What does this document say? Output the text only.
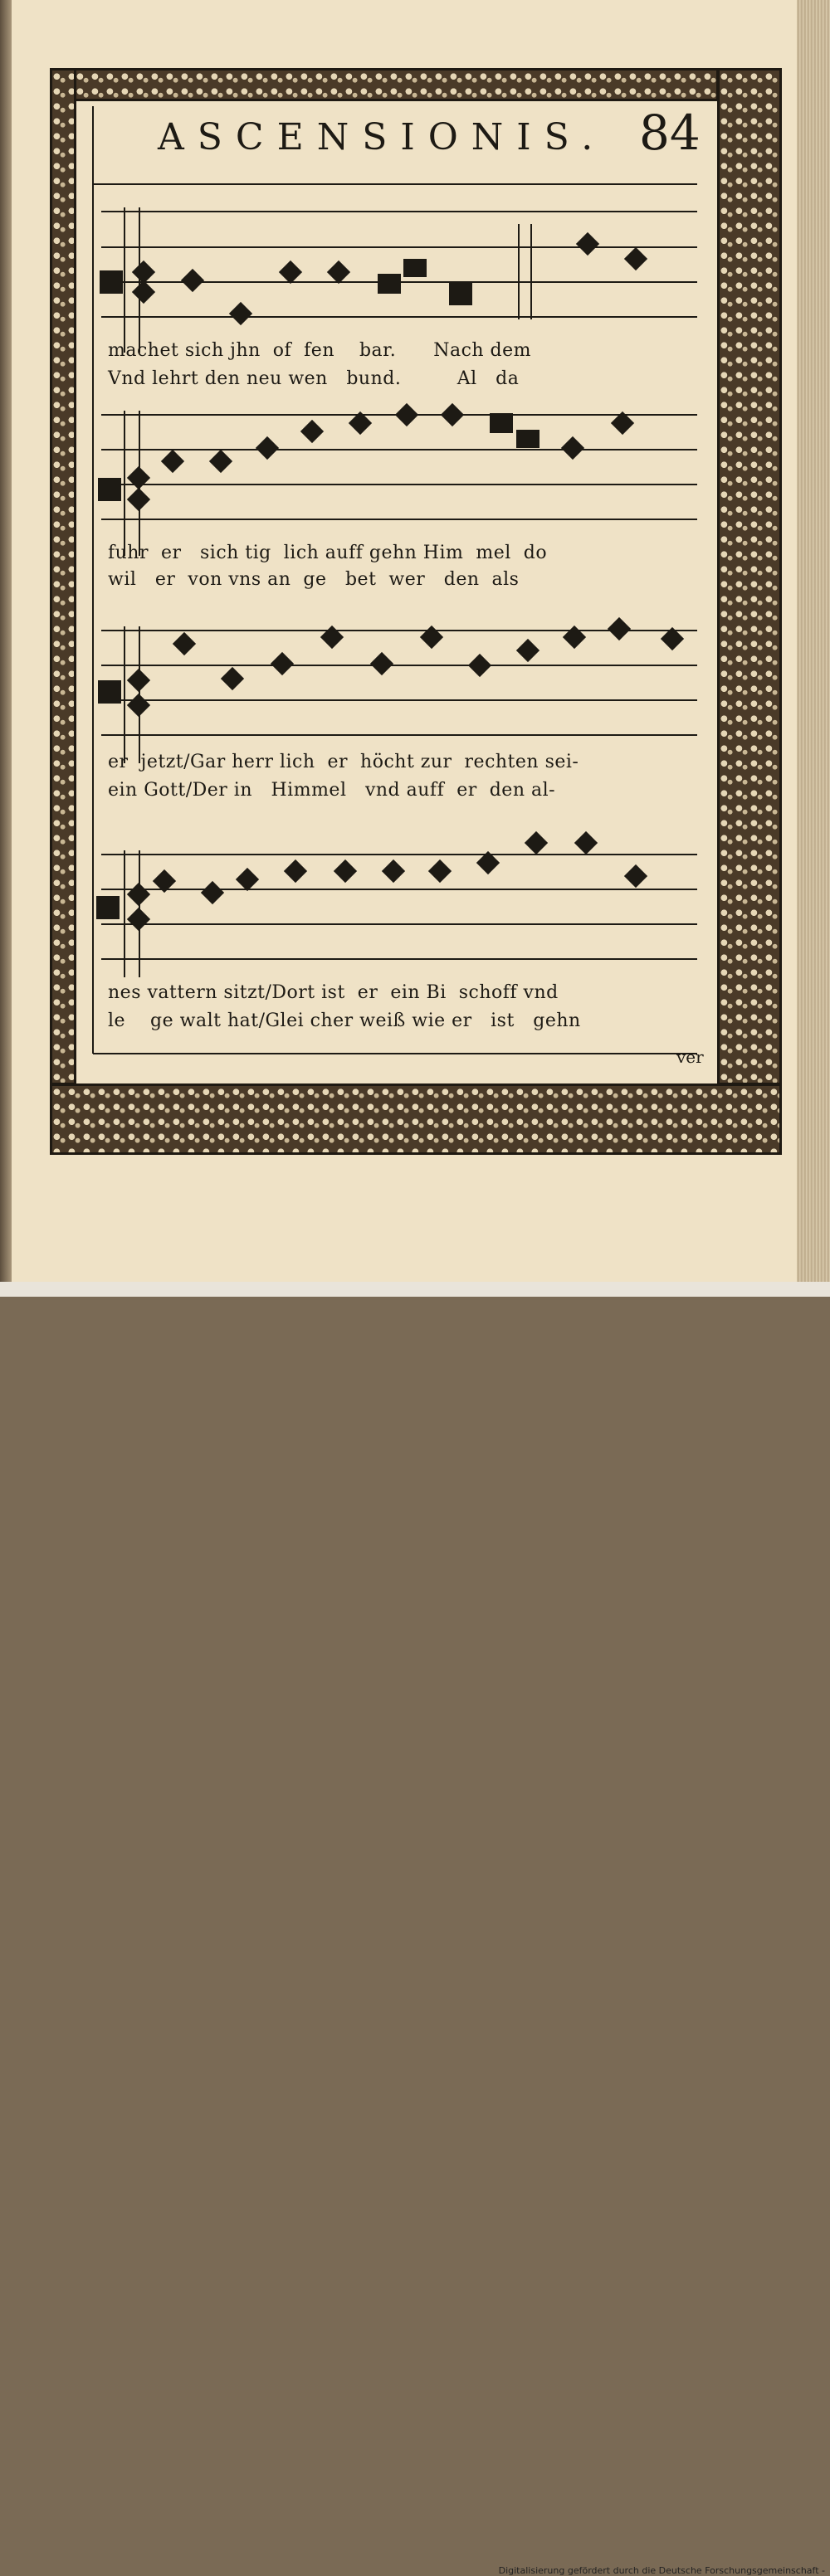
ASCENSIONIS. 84
machet sich jhn  of  fen    bar.      Nach dem
Vnd lehrt den neu wen   bund.         Al   da
fuhr  er   sich tig  lich auff gehn Him  mel  do
wil   er  von vns an  ge   bet  wer   den  als
er  jetzt/Gar herr lich  er  höcht zur  rechten sei-
ein Gott/Der in   Himmel   vnd auff  er  den al-
nes vattern sitzt/Dort ist  er  ein Bi  schoff vnd
le    ge walt hat/Glei cher weiß wie er   ist   gehn
ver
Digitalisierung gefördert durch die Deutsche Forschungsgemeinschaft -
